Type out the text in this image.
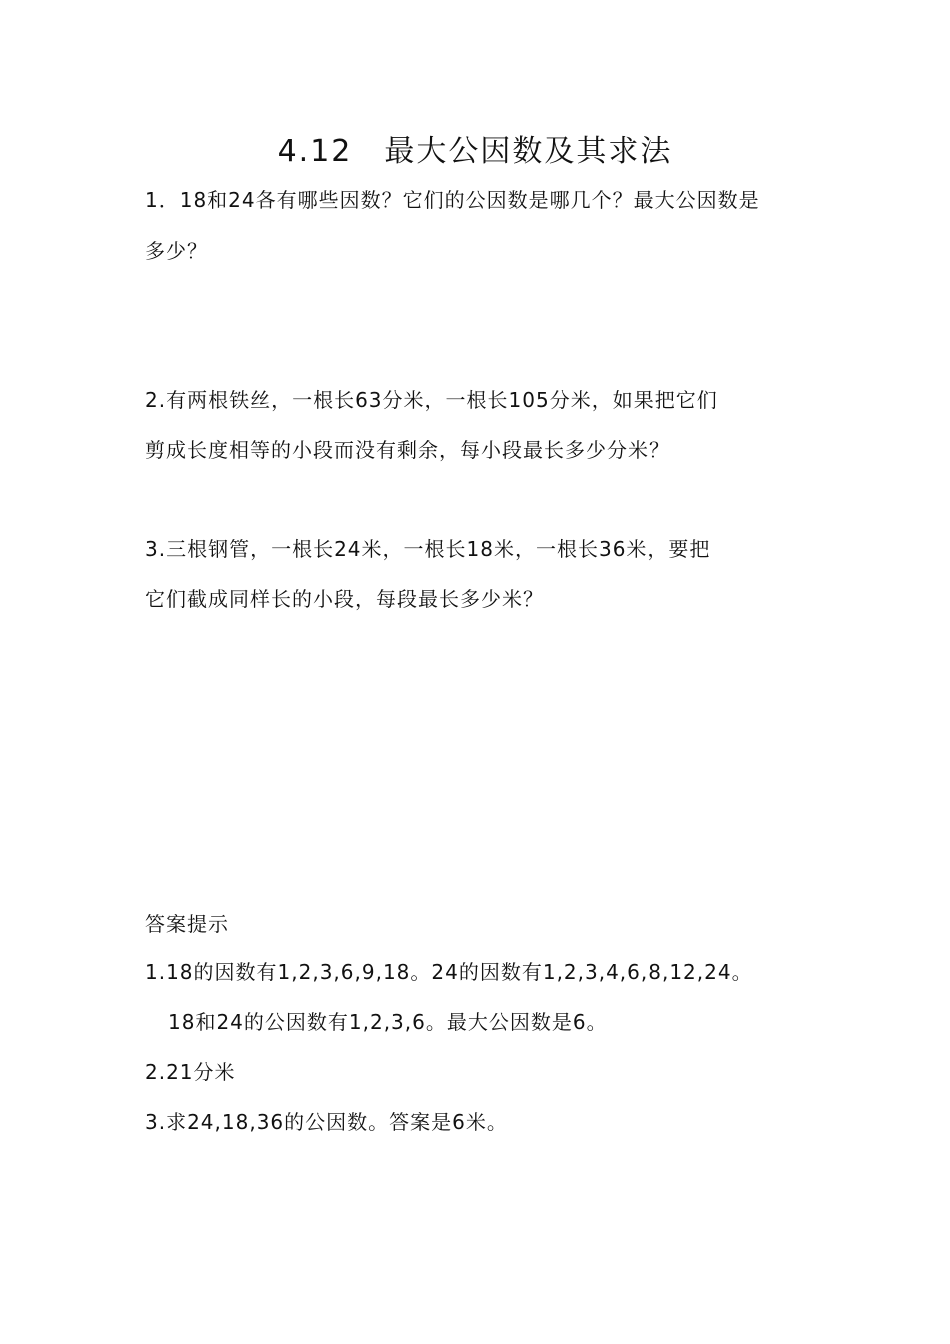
4.12　最大公因数及其求法
1．18和24各有哪些因数？它们的公因数是哪几个？最大公因数是
多少？
2.有两根铁丝，一根长63分米，一根长105分米，如果把它们
剪成长度相等的小段而没有剩余，每小段最长多少分米？
3.三根钢管，一根长24米，一根长18米，一根长36米，要把
它们截成同样长的小段，每段最长多少米？
答案提示
1.18的因数有1,2,3,6,9,18。24的因数有1,2,3,4,6,8,12,24。
18和24的公因数有1,2,3,6。最大公因数是6。
2.21分米
3.求24,18,36的公因数。答案是6米。
